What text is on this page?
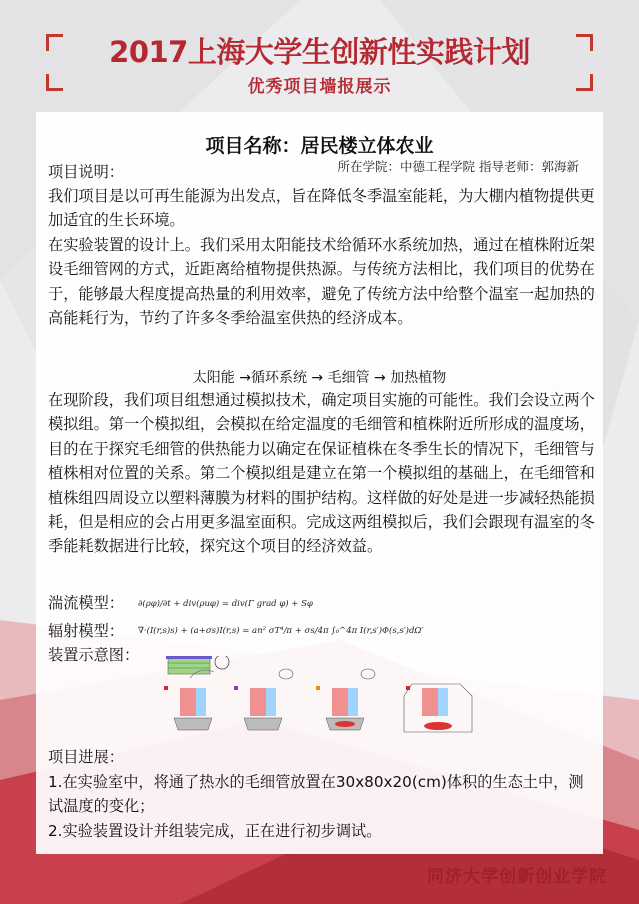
2017上海大学生创新性实践计划
优秀项目墙报展示
项目名称：居民楼立体农业
所在学院：中德工程学院 指导老师：郭海新
项目说明：
我们项目是以可再生能源为出发点，旨在降低冬季温室能耗，为大棚内植物提供更加适宜的生长环境。
在实验装置的设计上。我们采用太阳能技术给循环水系统加热，通过在植株附近架设毛细管网的方式，近距离给植物提供热源。与传统方法相比，我们项目的优势在于，能够最大程度提高热量的利用效率，避免了传统方法中给整个温室一起加热的高能耗行为，节约了许多冬季给温室供热的经济成本。
太阳能 →循环系统 → 毛细管 → 加热植物
在现阶段，我们项目组想通过模拟技术，确定项目实施的可能性。我们会设立两个模拟组。第一个模拟组，会模拟在给定温度的毛细管和植株附近所形成的温度场，目的在于探究毛细管的供热能力以确定在保证植株在冬季生长的情况下，毛细管与植株相对位置的关系。第二个模拟组是建立在第一个模拟组的基础上，在毛细管和植株组四周设立以塑料薄膜为材料的围护结构。这样做的好处是进一步减轻热能损耗，但是相应的会占用更多温室面积。完成这两组模拟后，我们会跟现有温室的冬季能耗数据进行比较，探究这个项目的经济效益。
湍流模型： ∂(ρφ)/∂t + div(ρuφ) = div(Γ grad φ) + Sφ
辐射模型： ∇·(I(r,s)s) + (a+σs)I(r,s) = an² σT⁴/π + σs/4π ∫₀^4π I(r,s′)Φ(s,s′)dΩ′
装置示意图：
项目进展：
1.在实验室中，将通了热水的毛细管放置在30x80x20(cm)体积的生态土中，测试温度的变化；
2.实验装置设计并组装完成，正在进行初步调试。
同济大学创新创业学院
